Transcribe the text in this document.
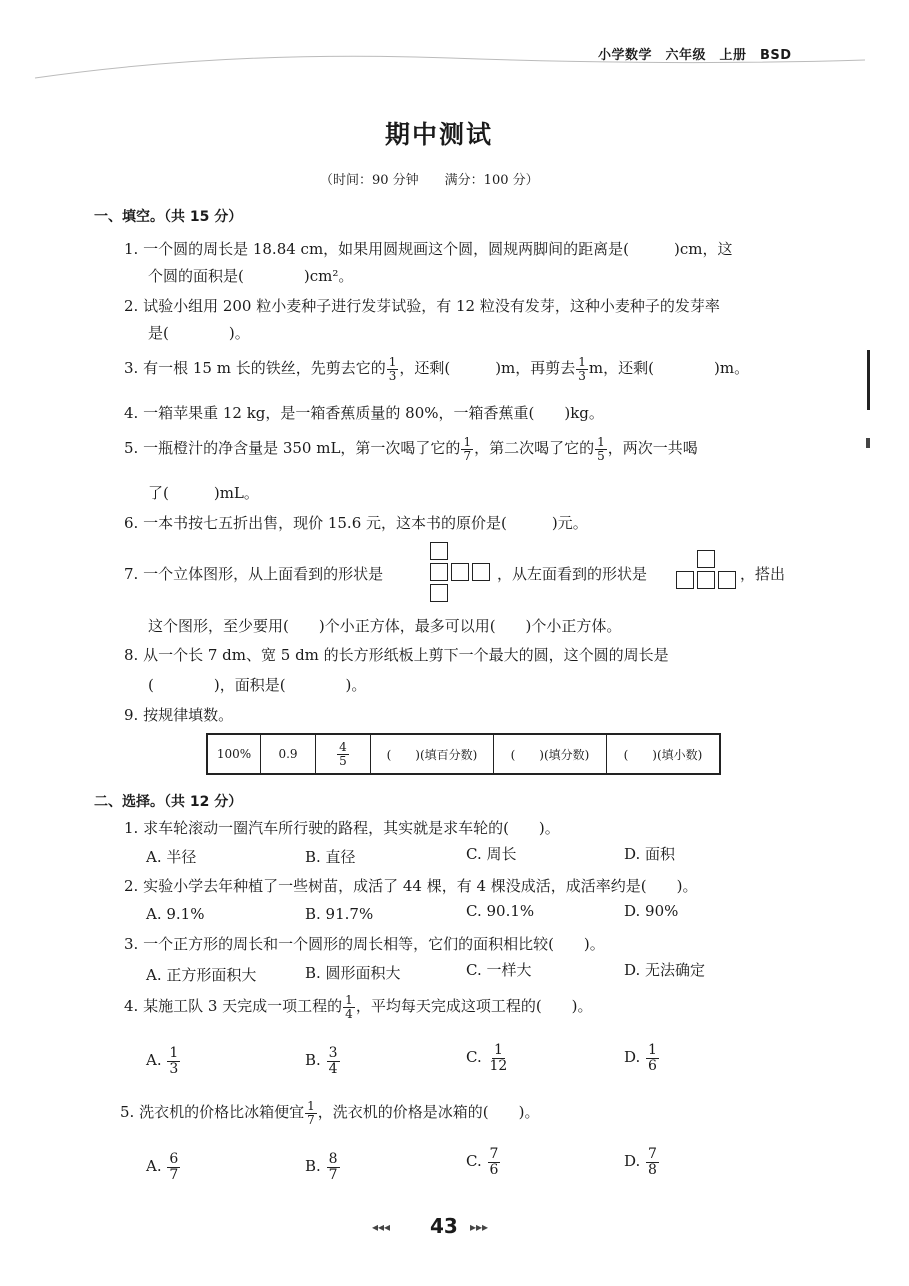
小学数学　六年级　上册　BSD
期中测试
（时间：90 分钟　　满分：100 分）
一、填空。（共 15 分）
1. 一个圆的周长是 18.84 cm，如果用圆规画这个圆，圆规两脚间的距离是(　　　)cm，这
个圆的面积是(　　　　)cm²。
2. 试验小组用 200 粒小麦种子进行发芽试验，有 12 粒没有发芽，这种小麦种子的发芽率
是(　　　　)。
3. 有一根 15 m 长的铁丝，先剪去它的 $\frac{1}{3}$ ，还剩(　　　)m，再剪去 $\frac{1}{3}$ m，还剩(　　　　)m。
4. 一箱苹果重 12 kg，是一箱香蕉质量的 80%，一箱香蕉重(　　)kg。
5. 一瓶橙汁的净含量是 350 mL，第一次喝了它的 $\frac{1}{7}$ ，第二次喝了它的 $\frac{1}{5}$ ，两次一共喝
了(　　　)mL。
6. 一本书按七五折出售，现价 15.6 元，这本书的原价是(　　　)元。
7. 一个立体图形，从上面看到的形状是	，从左面看到的形状是	，搭出
这个图形，至少要用(　　)个小正方体，最多可以用(　　)个小正方体。
8. 从一个长 7 dm、宽 5 dm 的长方形纸板上剪下一个最大的圆，这个圆的周长是
(　　　　)，面积是(　　　　)。
9. 按规律填数。
100%	0.9	$\frac{4}{5}$	(　　)(填百分数)	(　　)(填分数)	(　　)(填小数)
二、选择。（共 12 分）
1. 求车轮滚动一圈汽车所行驶的路程，其实就是求车轮的(　　)。
A. 半径	B. 直径	C. 周长	D. 面积
2. 实验小学去年种植了一些树苗，成活了 44 棵，有 4 棵没成活，成活率约是(　　)。
A. 9.1%	B. 91.7%	C. 90.1%	D. 90%
3. 一个正方形的周长和一个圆形的周长相等，它们的面积相比较(　　)。
A. 正方形面积大	B. 圆形面积大	C. 一样大	D. 无法确定
4. 某施工队 3 天完成一项工程的 $\frac{1}{4}$ ，平均每天完成这项工程的(　　)。
A. $\frac{1}{3}$	B. $\frac{3}{4}$	C. $\frac{1}{12}$	D. $\frac{1}{6}$
5. 洗衣机的价格比冰箱便宜 $\frac{1}{7}$ ，洗衣机的价格是冰箱的(　　)。
A. $\frac{6}{7}$	B. $\frac{8}{7}$	C. $\frac{7}{6}$	D. $\frac{7}{8}$
◂◂◂ 43 ▸▸▸
